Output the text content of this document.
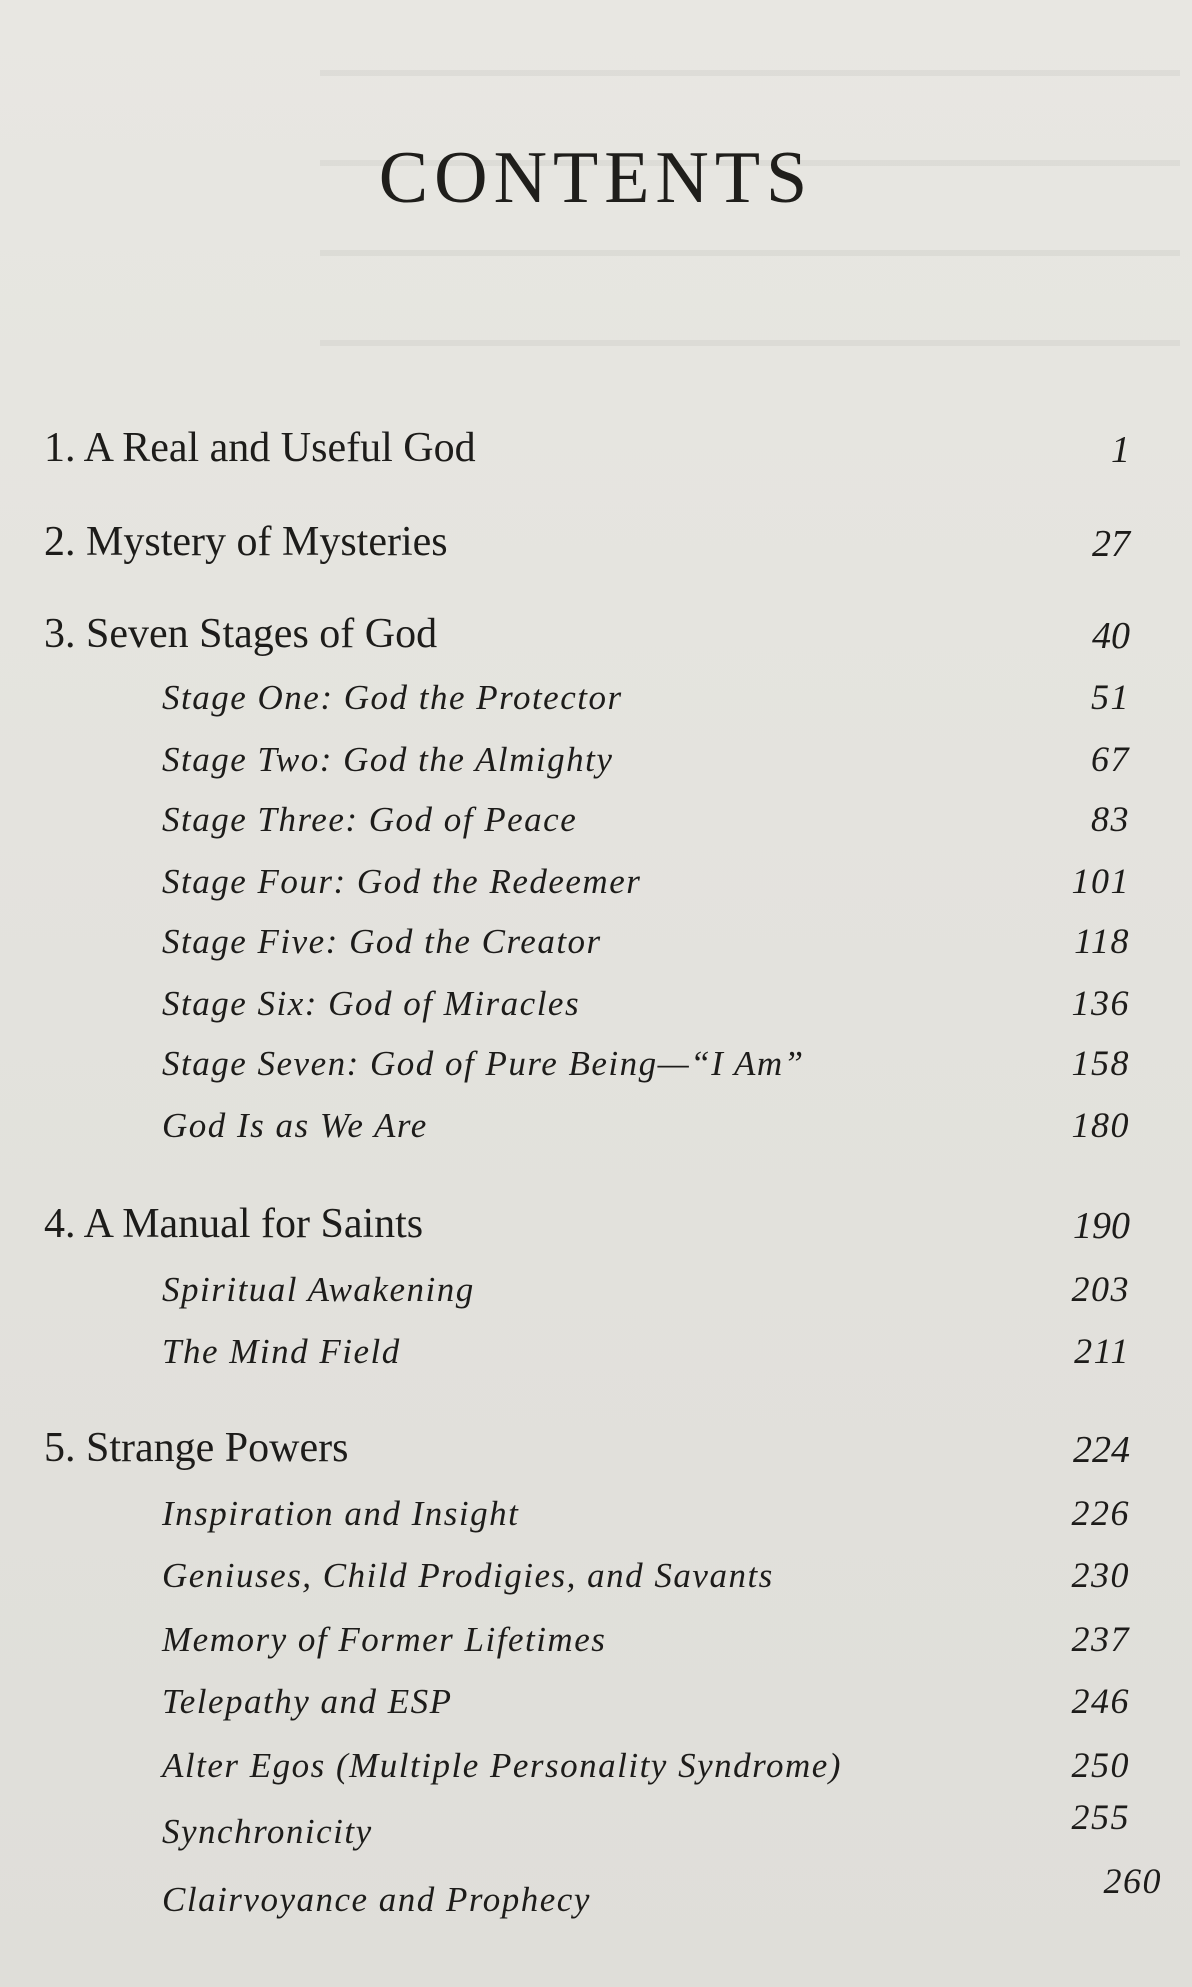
CONTENTS
1. A Real and Useful God	1
2. Mystery of Mysteries	27
3. Seven Stages of God	40
Stage One: God the Protector	51
Stage Two: God the Almighty	67
Stage Three: God of Peace	83
Stage Four: God the Redeemer	101
Stage Five: God the Creator	118
Stage Six: God of Miracles	136
Stage Seven: God of Pure Being—“I Am”	158
God Is as We Are	180
4. A Manual for Saints	190
Spiritual Awakening	203
The Mind Field	211
5. Strange Powers	224
Inspiration and Insight	226
Geniuses, Child Prodigies, and Savants	230
Memory of Former Lifetimes	237
Telepathy and ESP	246
Alter Egos (Multiple Personality Syndrome)	250
Synchronicity	255
Clairvoyance and Prophecy	260
